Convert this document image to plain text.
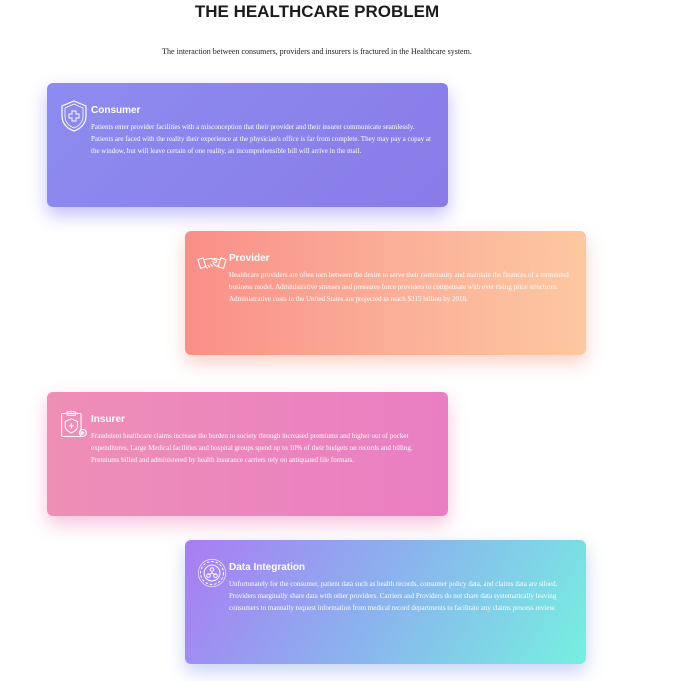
THE HEALTHCARE PROBLEM
The interaction between consumers, providers and insurers is fractured in the Healthcare system.
Consumer

Patients enter provider facilities with a misconception that their provider and their insurer communicate seamlessly. Patients are faced with the reality their experience at the physician's office is far from complete. They may pay a copay at the window, but will leave certain of one reality, an incomprehensible bill will arrive in the mail.

Provider

Healthcare providers are often torn between the desire to serve their community and maintain the finances of a tormented business model. Administrative stresses and pressures force providers to compensate with ever rising price structures. Administrative costs in the United States are projected to reach $315 billion by 2018.

Insurer

Fraudulent healthcare claims increase the burden to society through increased premiums and higher out of pocket expenditures. Large Medical facilities and hospital groups spend up to 10% of their budgets on records and billing. Premiums billed and administered by health insurance carriers rely on antiquated file formats.

Data Integration

Unfortunately for the consumer, patient data such as health records, consumer policy data, and claims data are siloed. Providers marginally share data with other providers. Carriers and Providers do not share data systematically leaving consumers to manually request information from medical record departments to facilitate any claims process review.
